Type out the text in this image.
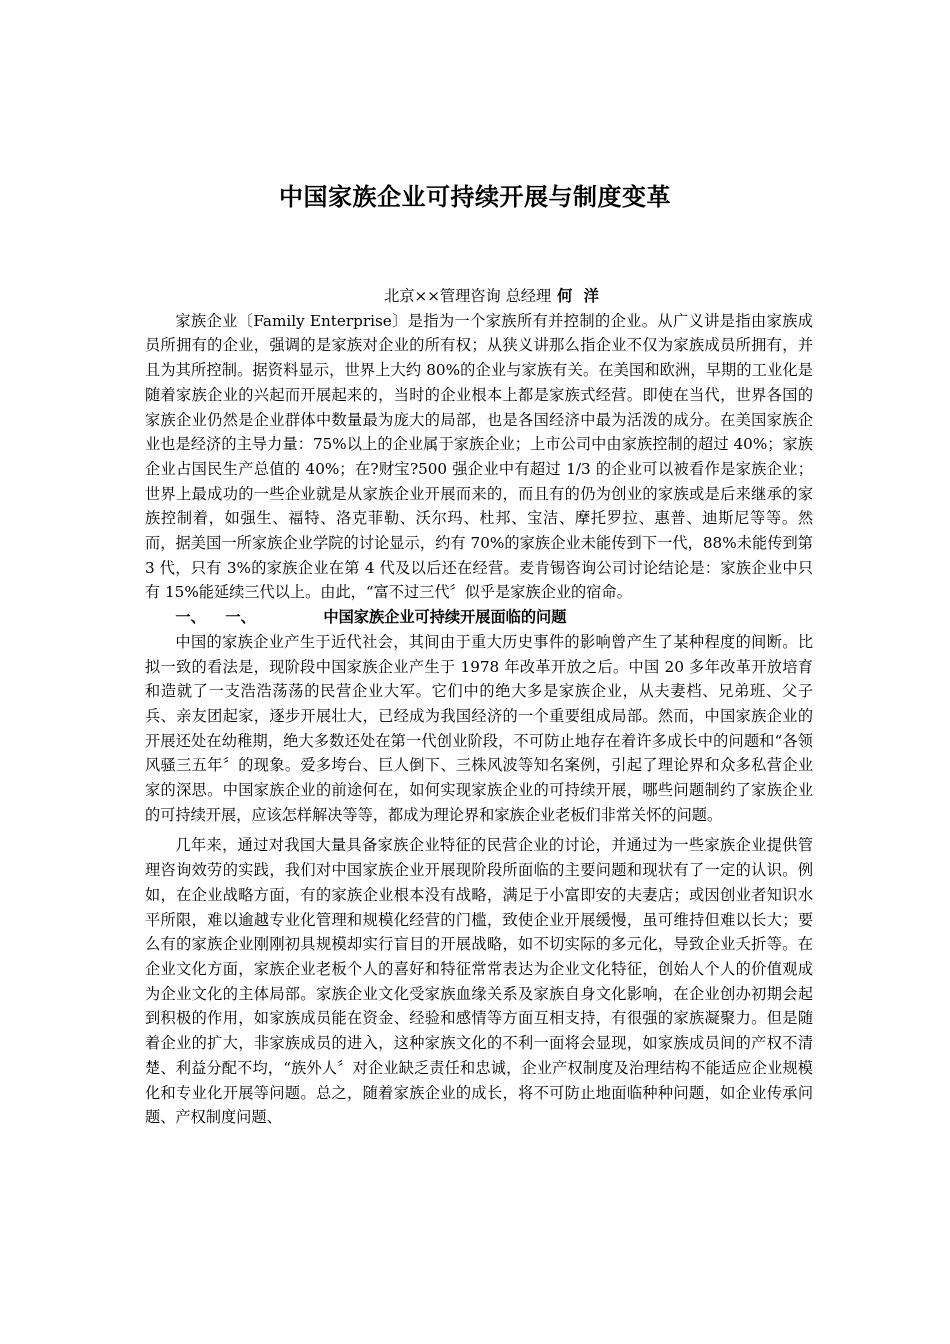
中国家族企业可持续开展与制度变革

北京××管理咨询 总经理 何 洋

家族企业〔Family Enterprise〕是指为一个家族所有并控制的企业。从广义讲是指由家族成员所拥有的企业，强调的是家族对企业的所有权；从狭义讲那么指企业不仅为家族成员所拥有，并且为其所控制。据资料显示，世界上大约 80%的企业与家族有关。在美国和欧洲，早期的工业化是随着家族企业的兴起而开展起来的，当时的企业根本上都是家族式经营。即使在当代，世界各国的家族企业仍然是企业群体中数量最为庞大的局部，也是各国经济中最为活泼的成分。在美国家族企业也是经济的主导力量：75%以上的企业属于家族企业；上市公司中由家族控制的超过 40%；家族企业占国民生产总值的 40%；在?财宝?500 强企业中有超过 1/3 的企业可以被看作是家族企业；世界上最成功的一些企业就是从家族企业开展而来的，而且有的仍为创业的家族或是后来继承的家族控制着，如强生、福特、洛克菲勒、沃尔玛、杜邦、宝洁、摩托罗拉、惠普、迪斯尼等等。然而，据美国一所家族企业学院的讨论显示，约有 70%的家族企业未能传到下一代，88%未能传到第 3 代，只有 3%的家族企业在第 4 代及以后还在经营。麦肯锡咨询公司讨论结论是：家族企业中只有 15%能延续三代以上。由此，“富不过三代〞似乎是家族企业的宿命。

一、 一、	中国家族企业可持续开展面临的问题

中国的家族企业产生于近代社会，其间由于重大历史事件的影响曾产生了某种程度的间断。比拟一致的看法是，现阶段中国家族企业产生于 1978 年改革开放之后。中国 20 多年改革开放培育和造就了一支浩浩荡荡的民营企业大军。它们中的绝大多是家族企业，从夫妻档、兄弟班、父子兵、亲友团起家，逐步开展壮大，已经成为我国经济的一个重要组成局部。然而，中国家族企业的开展还处在幼稚期，绝大多数还处在第一代创业阶段，不可防止地存在着许多成长中的问题和“各领风骚三五年〞的现象。爱多垮台、巨人倒下、三株风波等知名案例，引起了理论界和众多私营企业家的深思。中国家族企业的前途何在，如何实现家族企业的可持续开展，哪些问题制约了家族企业的可持续开展，应该怎样解决等等，都成为理论界和家族企业老板们非常关怀的问题。

几年来，通过对我国大量具备家族企业特征的民营企业的讨论，并通过为一些家族企业提供管理咨询效劳的实践，我们对中国家族企业开展现阶段所面临的主要问题和现状有了一定的认识。例如，在企业战略方面，有的家族企业根本没有战略，满足于小富即安的夫妻店；或因创业者知识水平所限，难以逾越专业化管理和规模化经营的门槛，致使企业开展缓慢，虽可维持但难以长大；要么有的家族企业刚刚初具规模却实行盲目的开展战略，如不切实际的多元化，导致企业夭折等。在企业文化方面，家族企业老板个人的喜好和特征常常表达为企业文化特征，创始人个人的价值观成为企业文化的主体局部。家族企业文化受家族血缘关系及家族自身文化影响，在企业创办初期会起到积极的作用，如家族成员能在资金、经验和感情等方面互相支持，有很强的家族凝聚力。但是随着企业的扩大，非家族成员的进入，这种家族文化的不利一面将会显现，如家族成员间的产权不清楚、利益分配不均，“族外人〞对企业缺乏责任和忠诚，企业产权制度及治理结构不能适应企业规模化和专业化开展等问题。总之，随着家族企业的成长，将不可防止地面临种种问题，如企业传承问题、产权制度问题、
